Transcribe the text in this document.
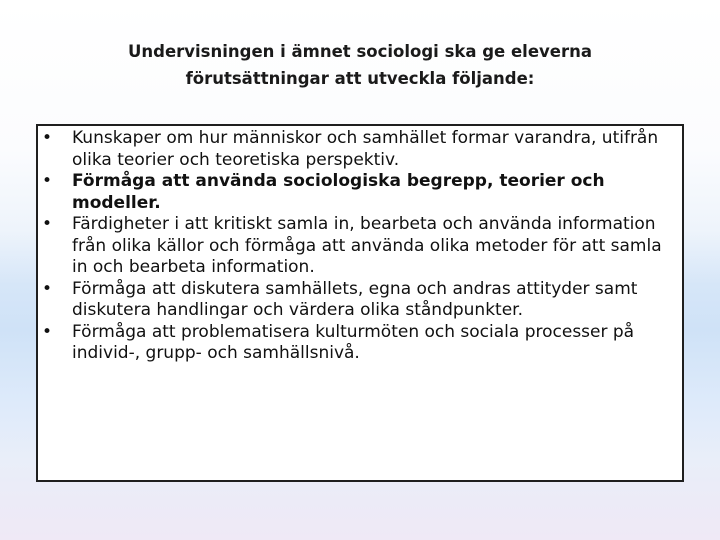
Undervisningen i ämnet sociologi ska ge eleverna
förutsättningar att utveckla följande:
• Kunskaper om hur människor och samhället formar varandra, utifrån olika teorier och teoretiska perspektiv.
• Förmåga att använda sociologiska begrepp, teorier och modeller.
• Färdigheter i att kritiskt samla in, bearbeta och använda information från olika källor och förmåga att använda olika metoder för att samla in och bearbeta information.
• Förmåga att diskutera samhällets, egna och andras attityder samt diskutera handlingar och värdera olika ståndpunkter.
• Förmåga att problematisera kulturmöten och sociala processer på individ-, grupp- och samhällsnivå.
